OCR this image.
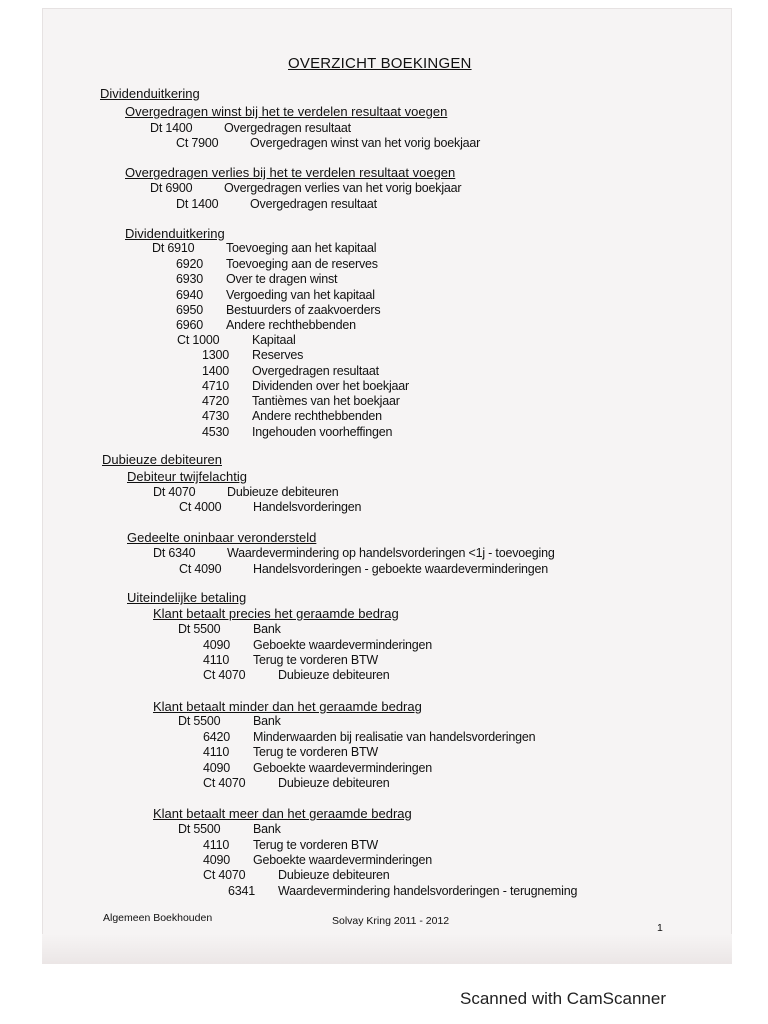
OVERZICHT BOEKINGEN
Dividenduitkering
Overgedragen winst bij het te verdelen resultaat voegen
Overgedragen verlies bij het te verdelen resultaat voegen
Dividenduitkering
Dubieuze debiteuren
Debiteur twijfelachtig
Gedeelte oninbaar verondersteld
Uiteindelijke betaling
Klant betaalt precies het geraamde bedrag
Klant betaalt minder dan het geraamde bedrag
Klant betaalt meer dan het geraamde bedrag
Dt 1400	Overgedragen resultaat
Ct 7900	Overgedragen winst van het vorig boekjaar
Dt 6900	Overgedragen verlies van het vorig boekjaar
Dt 1400	Overgedragen resultaat
Dt 6910	Toevoeging aan het kapitaal
6920 Toevoeging aan de reserves
6930 Over te dragen winst
6940 Vergoeding van het kapitaal
6950 Bestuurders of zaakvoerders
6960 Andere rechthebbenden
Ct 1000	Kapitaal
1300 Reserves
1400 Overgedragen resultaat
4710 Dividenden over het boekjaar
4720 Tantièmes van het boekjaar
4730 Andere rechthebbenden
4530 Ingehouden voorheffingen
Dt 4070	Dubieuze debiteuren
Ct 4000	Handelsvorderingen
Dt 6340	Waardevermindering op handelsvorderingen <1j - toevoeging
Ct 4090	Handelsvorderingen - geboekte waardeverminderingen
Dt 5500	Bank
4090 Geboekte waardeverminderingen
4110 Terug te vorderen BTW
Ct 4070	Dubieuze debiteuren
Dt 5500	Bank
6420 Minderwaarden bij realisatie van handelsvorderingen
4110 Terug te vorderen BTW
4090 Geboekte waardeverminderingen
Ct 4070	Dubieuze debiteuren
Dt 5500	Bank
4110 Terug te vorderen BTW
4090 Geboekte waardeverminderingen
Ct 4070	Dubieuze debiteuren
6341 Waardevermindering handelsvorderingen - terugneming
Algemeen Boekhouden	Solvay Kring 2011 - 2012
1
Scanned with CamScanner
